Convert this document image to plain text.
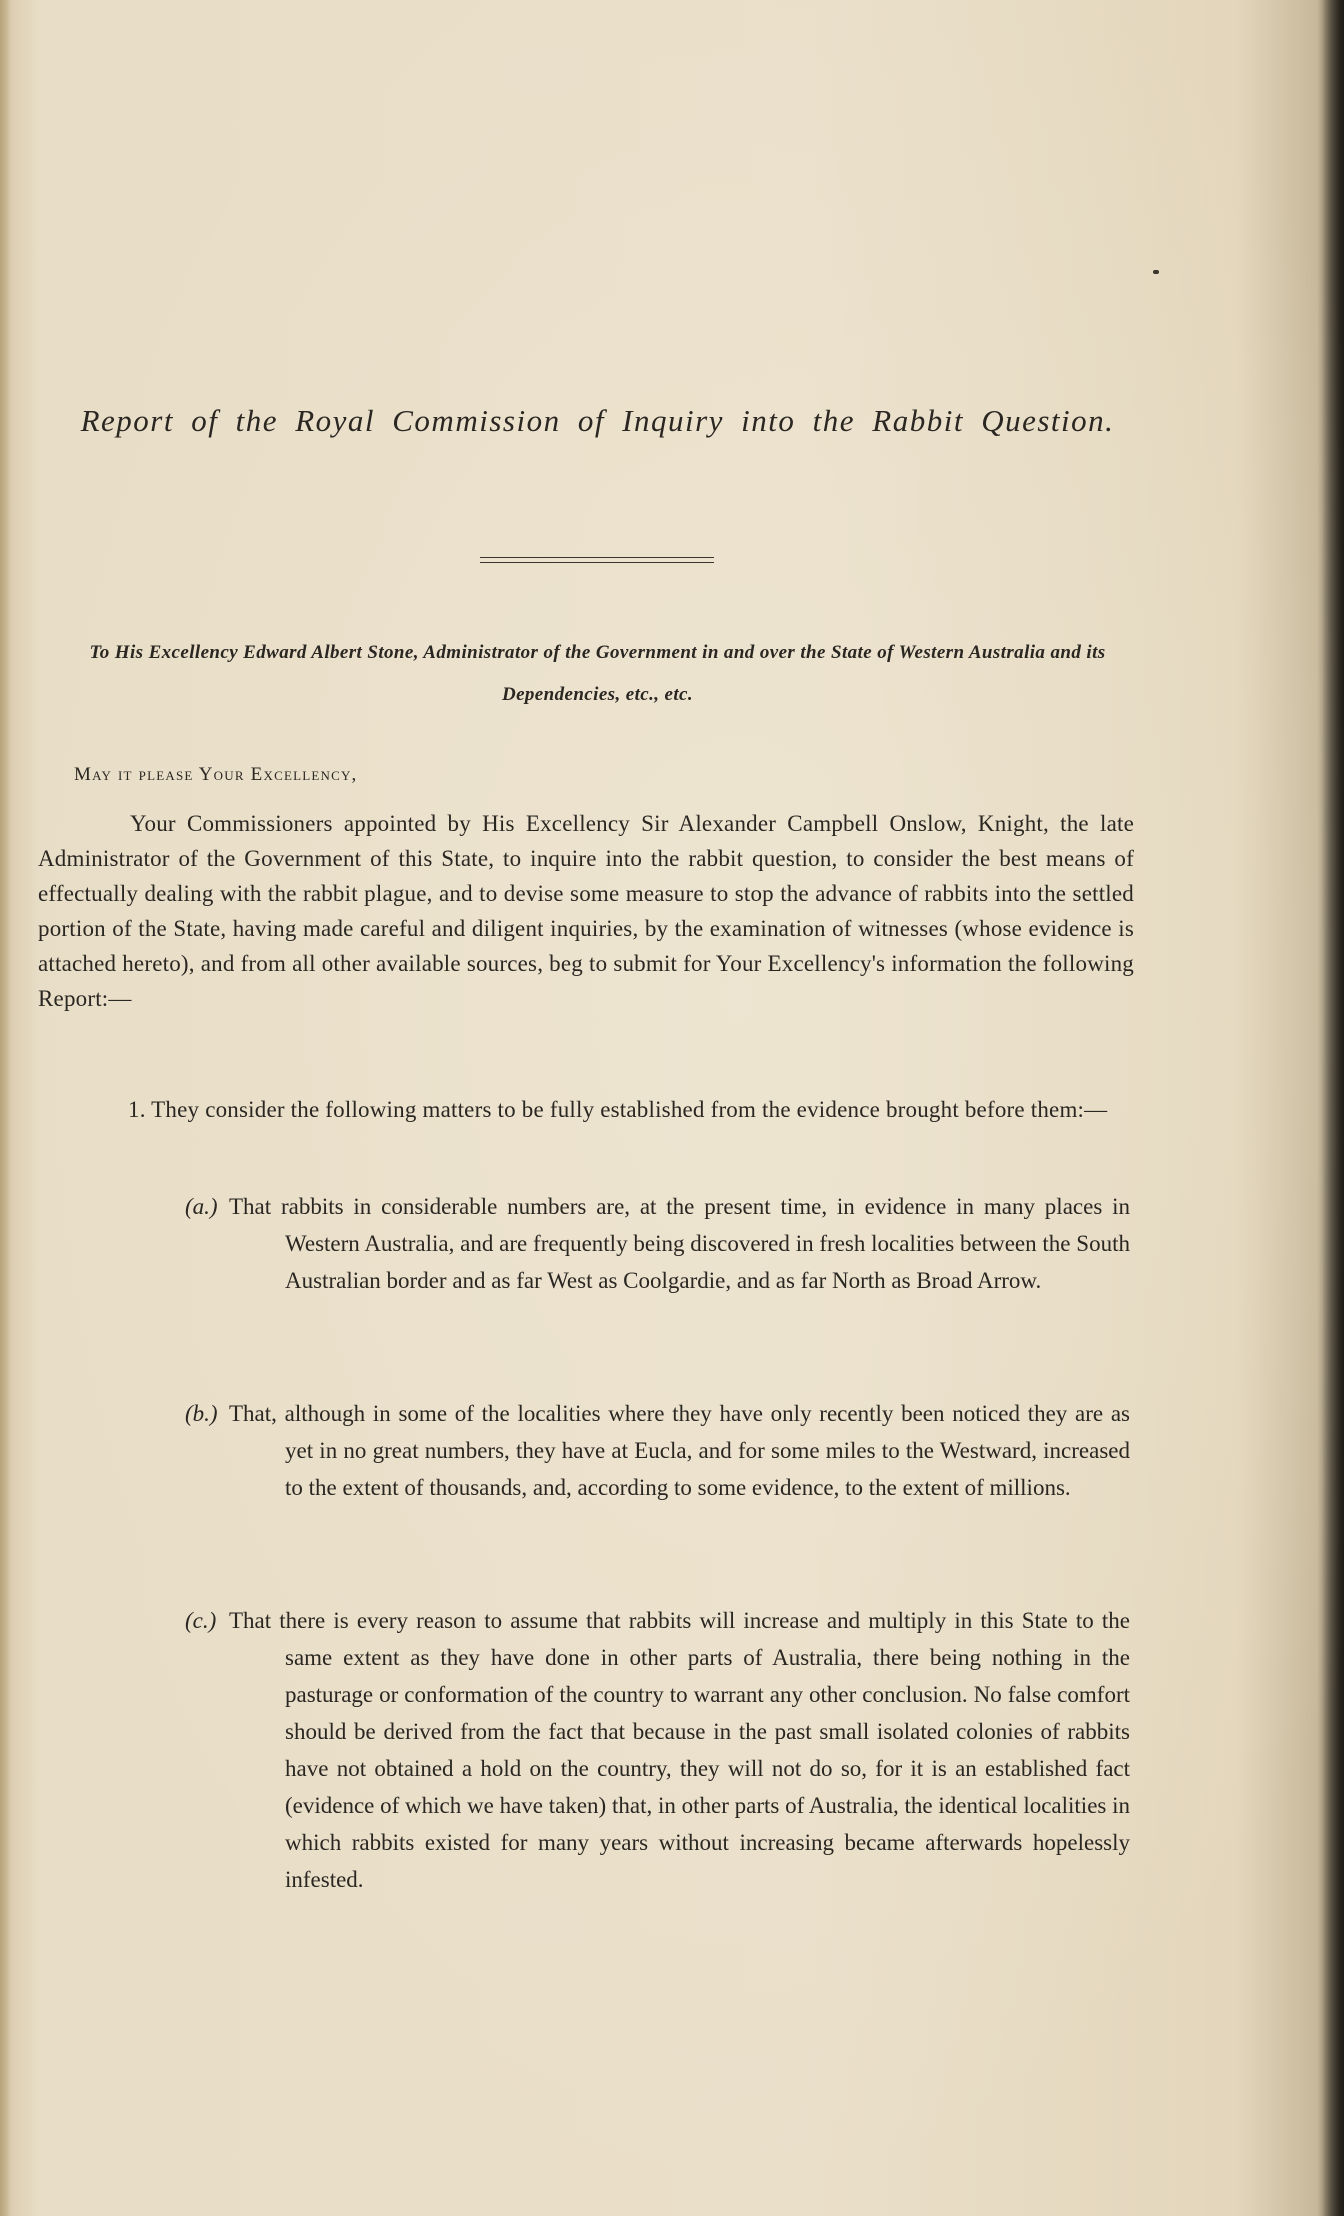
Report of the Royal Commission of Inquiry into the Rabbit Question.
To His Excellency Edward Albert Stone, Administrator of the Government in and over the State of Western Australia and its Dependencies, etc., etc.
May it please Your Excellency,
Your Commissioners appointed by His Excellency Sir Alexander Campbell Onslow, Knight, the late Administrator of the Government of this State, to inquire into the rabbit question, to consider the best means of effectually dealing with the rabbit plague, and to devise some measure to stop the advance of rabbits into the settled portion of the State, having made careful and diligent inquiries, by the examination of witnesses (whose evidence is attached hereto), and from all other available sources, beg to submit for Your Excellency's information the following Report:—
1. They consider the following matters to be fully established from the evidence brought before them:—
(a.) That rabbits in considerable numbers are, at the present time, in evidence in many places in Western Australia, and are frequently being discovered in fresh localities between the South Australian border and as far West as Coolgardie, and as far North as Broad Arrow.
(b.) That, although in some of the localities where they have only recently been noticed they are as yet in no great numbers, they have at Eucla, and for some miles to the Westward, increased to the extent of thousands, and, according to some evidence, to the extent of millions.
(c.) That there is every reason to assume that rabbits will increase and multiply in this State to the same extent as they have done in other parts of Australia, there being nothing in the pasturage or conformation of the country to warrant any other conclusion. No false comfort should be derived from the fact that because in the past small isolated colonies of rabbits have not obtained a hold on the country, they will not do so, for it is an established fact (evidence of which we have taken) that, in other parts of Australia, the identical localities in which rabbits existed for many years without increasing became afterwards hopelessly infested.
